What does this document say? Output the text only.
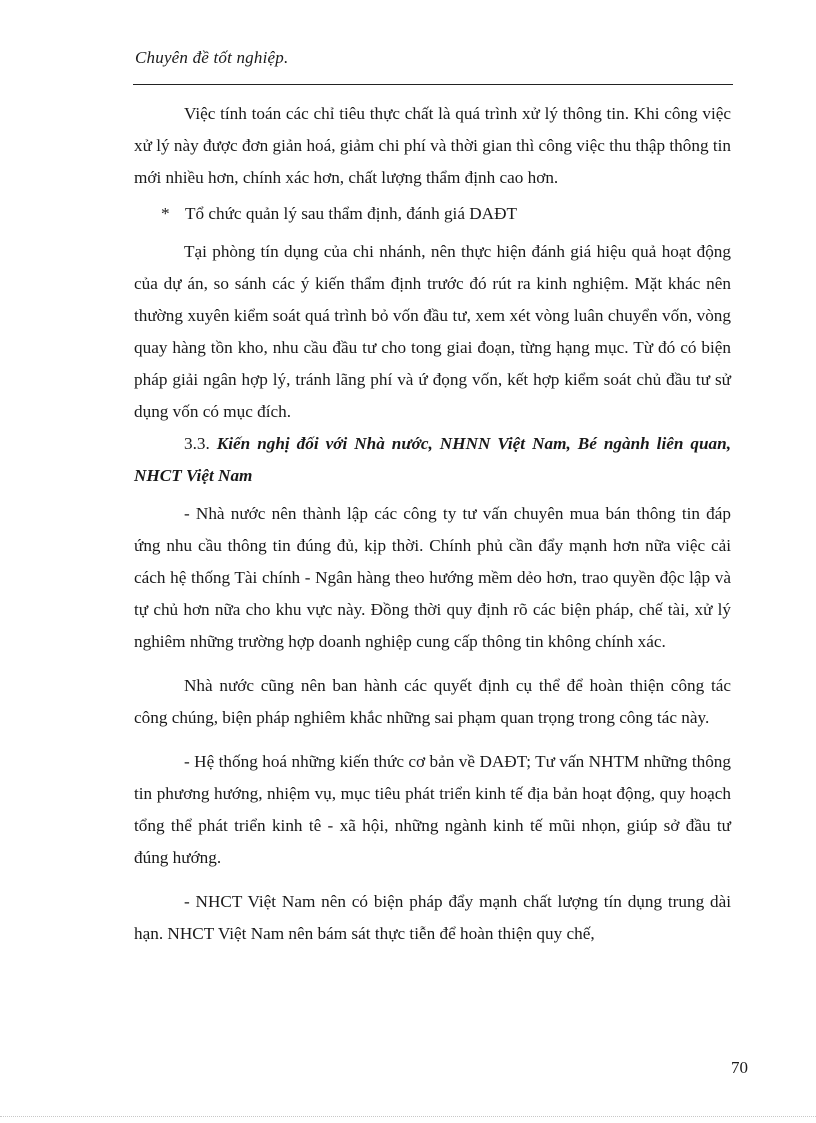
Chuyên đề tốt nghiệp.

Việc tính toán các chỉ tiêu thực chất là quá trình xử lý thông tin. Khi công việc xử lý này được đơn giản hoá, giảm chi phí và thời gian thì công việc thu thập thông tin mới nhiều hơn, chính xác hơn, chất lượng thẩm định cao hơn.

* Tổ chức quản lý sau thẩm định, đánh giá DAĐT

Tại phòng tín dụng của chi nhánh, nên thực hiện đánh giá hiệu quả hoạt động của dự án, so sánh các ý kiến thẩm định trước đó rút ra kinh nghiệm. Mặt khác nên thường xuyên kiểm soát quá trình bỏ vốn đầu tư, xem xét vòng luân chuyển vốn, vòng quay hàng tồn kho, nhu cầu đầu tư cho tong giai đoạn, từng hạng mục. Từ đó có biện pháp giải ngân hợp lý, tránh lãng phí và ứ đọng vốn, kết hợp kiểm soát chủ đầu tư sử dụng vốn có mục đích.

3.3. Kiến nghị đối với Nhà nước, NHNN Việt Nam, Bé ngành liên quan, NHCT Việt Nam

- Nhà nước nên thành lập các công ty tư vấn chuyên mua bán thông tin đáp ứng nhu cầu thông tin đúng đủ, kịp thời. Chính phủ cần đẩy mạnh hơn nữa việc cải cách hệ thống Tài chính - Ngân hàng theo hướng mềm dẻo hơn, trao quyền độc lập và tự chủ hơn nữa cho khu vực này. Đồng thời quy định rõ các biện pháp, chế tài, xử lý nghiêm những trường hợp doanh nghiệp cung cấp thông tin không chính xác.

Nhà nước cũng nên ban hành các quyết định cụ thể để hoàn thiện công tác công chúng, biện pháp nghiêm khắc những sai phạm quan trọng trong công tác này.

- Hệ thống hoá những kiến thức cơ bản về DAĐT; Tư vấn NHTM những thông tin phương hướng, nhiệm vụ, mục tiêu phát triển kinh tế địa bản hoạt động, quy hoạch tổng thể phát triển kinh tê - xã hội, những ngành kinh tế mũi nhọn, giúp sở đầu tư đúng hướng.

- NHCT Việt Nam nên có biện pháp đẩy mạnh chất lượng tín dụng trung dài hạn. NHCT Việt Nam nên bám sát thực tiễn để hoàn thiện quy chế,

70
